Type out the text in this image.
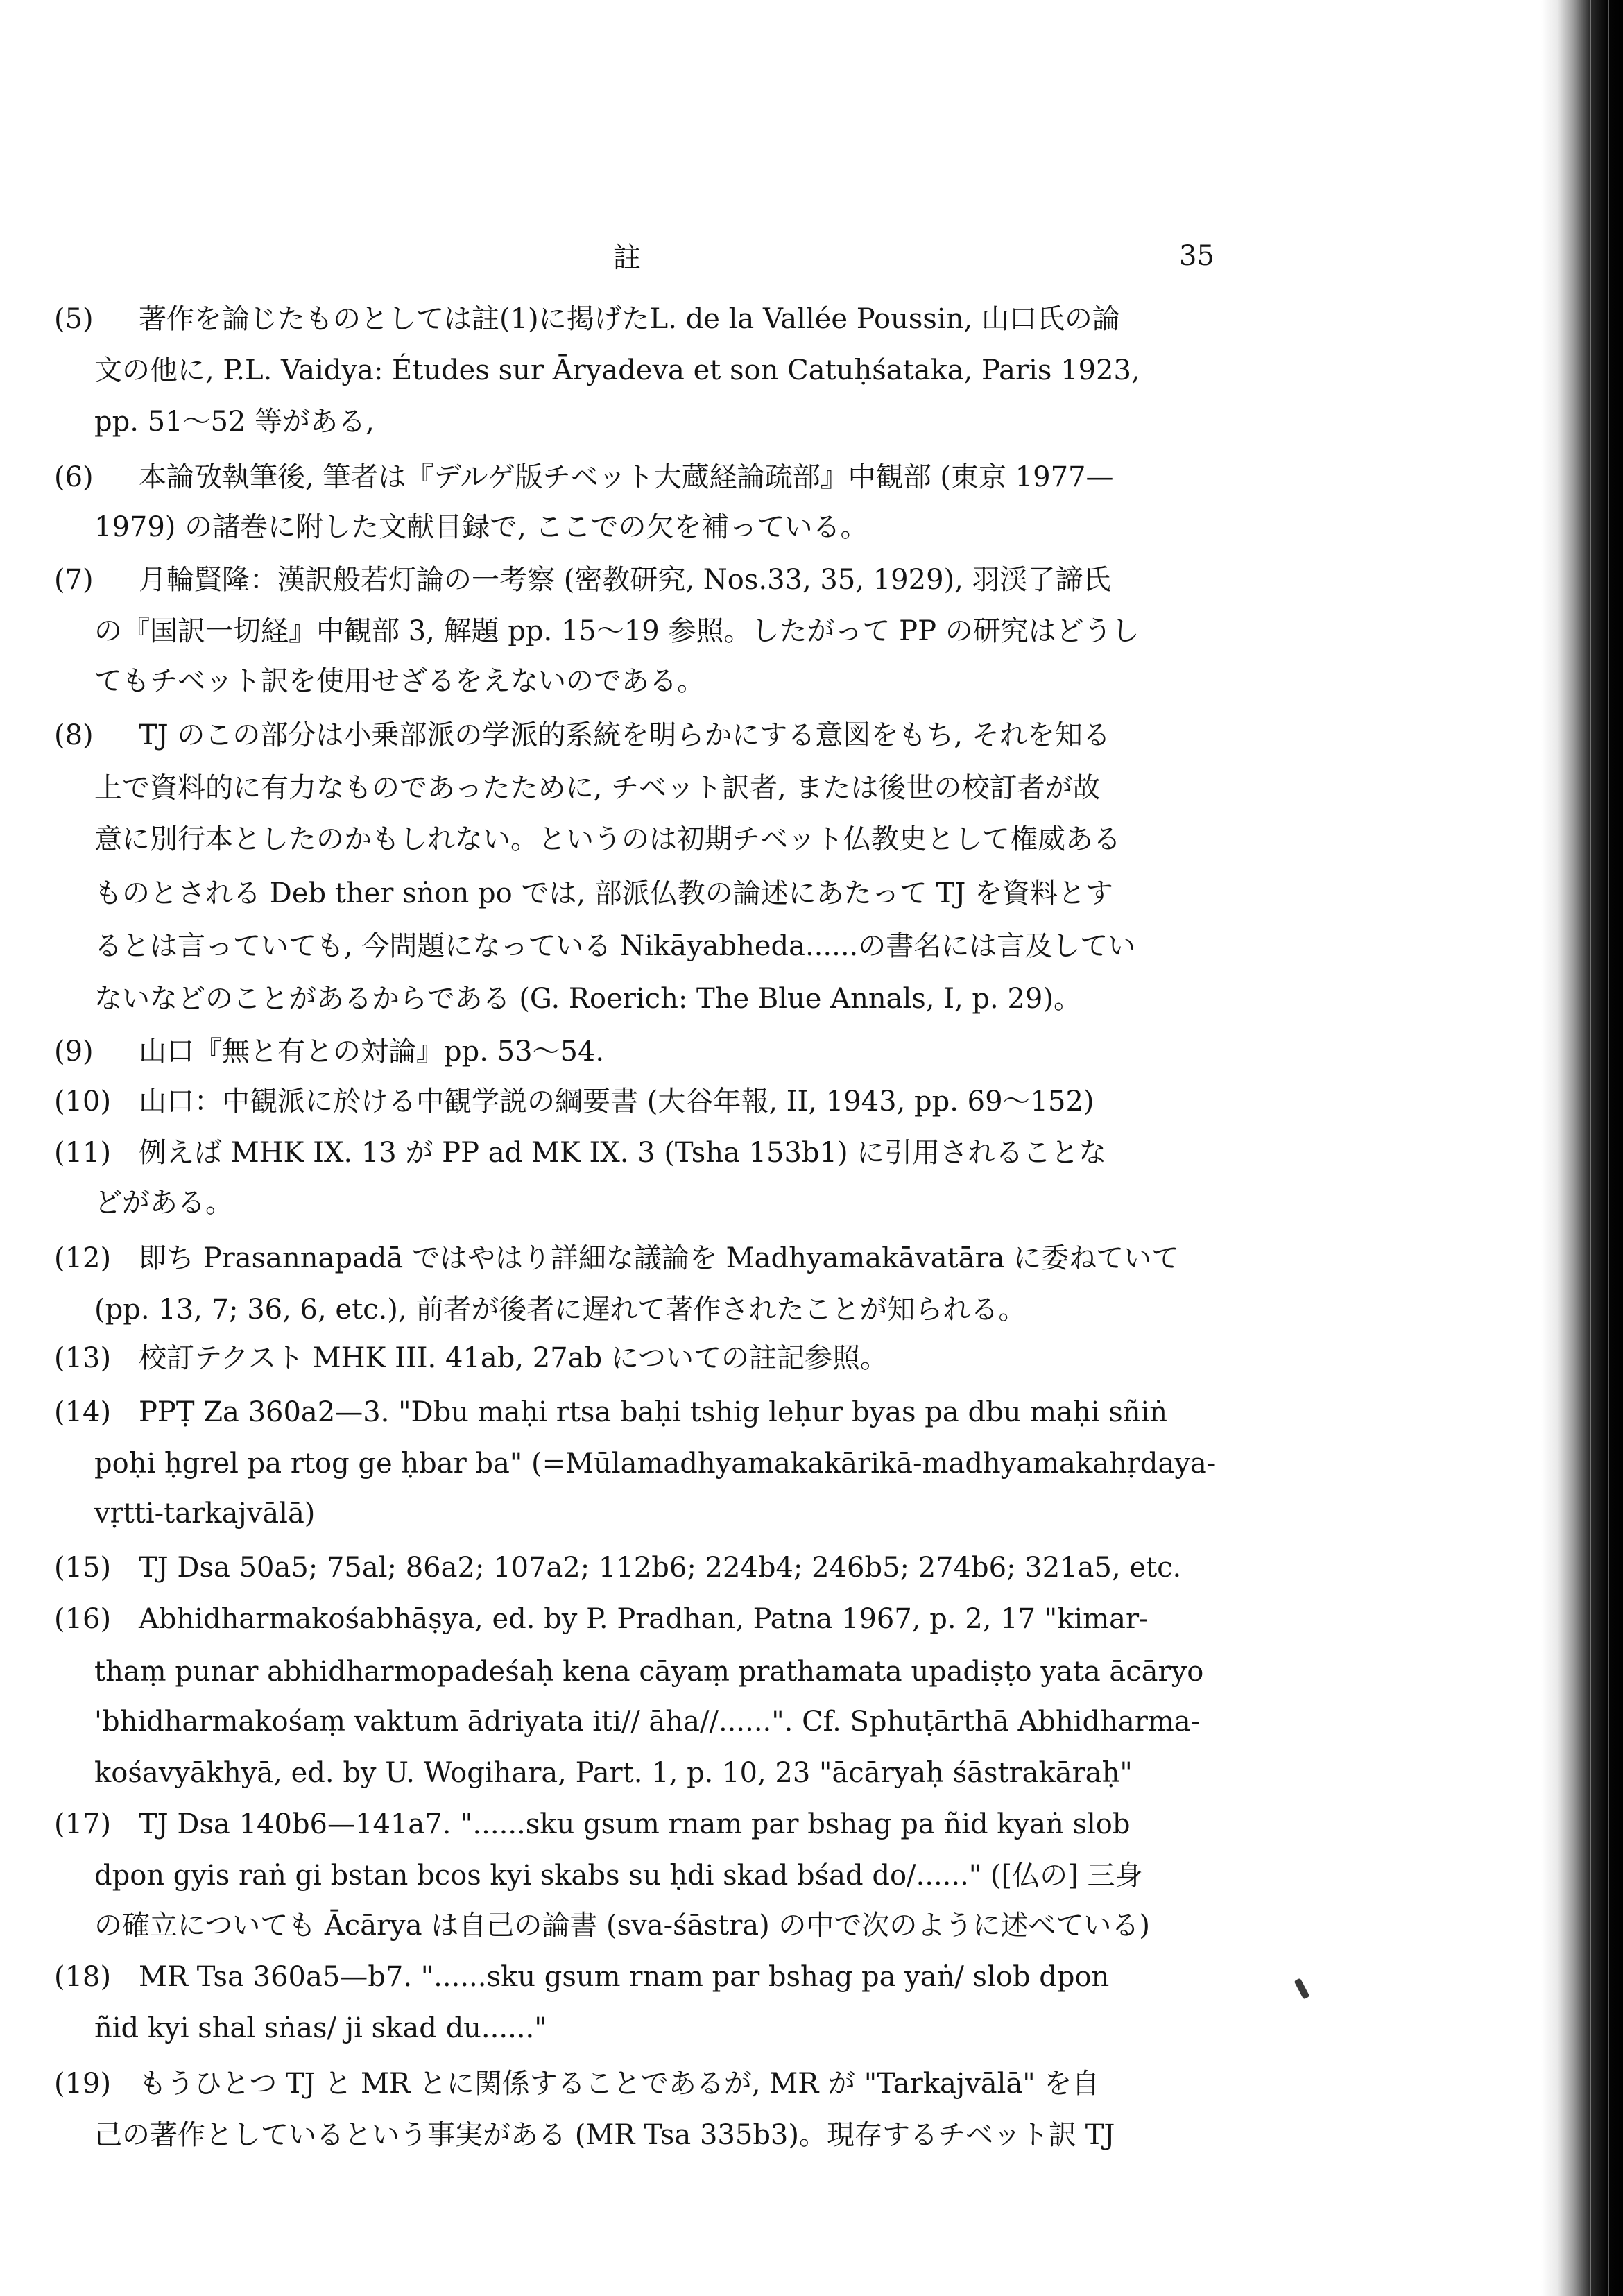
註	35
(5)	著作を論じたものとしては註(1)に掲げたL. de la Vallée Poussin, 山口氏の論
文の他に, P.L. Vaidya: Études sur Āryadeva et son Catuḥśataka, Paris 1923,
pp. 51〜52 等がある,
(6)	本論攷執筆後, 筆者は『デルゲ版チベット大蔵経論疏部』中観部 (東京 1977—
1979) の諸巻に附した文献目録で, ここでの欠を補っている。
(7)	月輪賢隆：漢訳般若灯論の一考察 (密教研究, Nos.33, 35, 1929), 羽渓了諦氏
の『国訳一切経』中観部 3, 解題 pp. 15〜19 参照。したがって PP の研究はどうし
てもチベット訳を使用せざるをえないのである。
(8)	TJ のこの部分は小乗部派の学派的系統を明らかにする意図をもち, それを知る
上で資料的に有力なものであったために, チベット訳者, または後世の校訂者が故
意に別行本としたのかもしれない。というのは初期チベット仏教史として権威ある
ものとされる Deb ther sṅon po では, 部派仏教の論述にあたって TJ を資料とす
るとは言っていても, 今問題になっている Nikāyabheda......の書名には言及してい
ないなどのことがあるからである (G. Roerich: The Blue Annals, I, p. 29)。
(9)	山口『無と有との対論』pp. 53〜54.
(10) 山口：中観派に於ける中観学説の綱要書 (大谷年報, II, 1943, pp. 69〜152)
(11) 例えば MHK IX. 13 が PP ad MK IX. 3 (Tsha 153b1) に引用されることな
どがある。
(12) 即ち Prasannapadā ではやはり詳細な議論を Madhyamakāvatāra に委ねていて
(pp. 13, 7; 36, 6, etc.), 前者が後者に遅れて著作されたことが知られる。
(13) 校訂テクスト MHK III. 41ab, 27ab についての註記参照。
(14) PPṬ Za 360a2—3. "Dbu maḥi rtsa baḥi tshig leḥur byas pa dbu maḥi sñiṅ
poḥi ḥgrel pa rtog ge ḥbar ba" (=Mūlamadhyamakakārikā-madhyamakahṛdaya-
vṛtti-tarkajvālā)
(15) TJ Dsa 50a5; 75al; 86a2; 107a2; 112b6; 224b4; 246b5; 274b6; 321a5, etc.
(16) Abhidharmakośabhāṣya, ed. by P. Pradhan, Patna 1967, p. 2, 17 "kimar-
thaṃ punar abhidharmopadeśaḥ kena cāyaṃ prathamata upadiṣṭo yata ācāryo
'bhidharmakośaṃ vaktum ādriyata iti// āha//......". Cf. Sphuṭārthā Abhidharma-
kośavyākhyā, ed. by U. Wogihara, Part. 1, p. 10, 23 "ācāryaḥ śāstrakāraḥ"
(17) TJ Dsa 140b6—141a7. "......sku gsum rnam par bshag pa ñid kyaṅ slob
dpon gyis raṅ gi bstan bcos kyi skabs su ḥdi skad bśad do/......" ([仏の] 三身
の確立についても Ācārya は自己の論書 (sva-śāstra) の中で次のように述べている)
(18) MR Tsa 360a5—b7. "......sku gsum rnam par bshag pa yaṅ/ slob dpon
ñid kyi shal sṅas/ ji skad du......"
(19) もうひとつ TJ と MR とに関係することであるが, MR が "Tarkajvālā" を自
己の著作としているという事実がある (MR Tsa 335b3)。現存するチベット訳 TJ
